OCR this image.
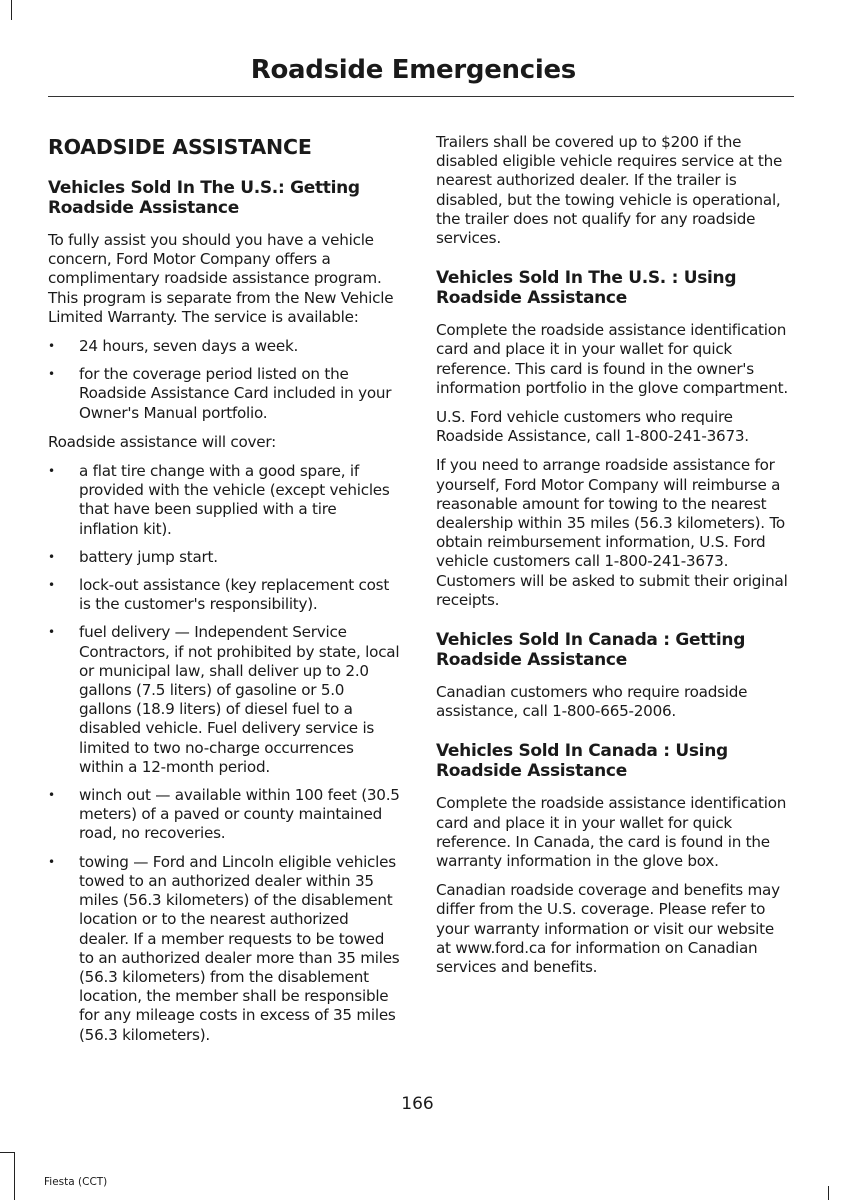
Roadside Emergencies
ROADSIDE ASSISTANCE
Vehicles Sold In The U.S.: Getting Roadside Assistance
To fully assist you should you have a vehicle concern, Ford Motor Company offers a complimentary roadside assistance program. This program is separate from the New Vehicle Limited Warranty. The service is available:
• 24 hours, seven days a week.
• for the coverage period listed on the Roadside Assistance Card included in your Owner's Manual portfolio.
Roadside assistance will cover:
• a flat tire change with a good spare, if provided with the vehicle (except vehicles that have been supplied with a tire inflation kit).
• battery jump start.
• lock-out assistance (key replacement cost is the customer's responsibility).
• fuel delivery — Independent Service Contractors, if not prohibited by state, local or municipal law, shall deliver up to 2.0 gallons (7.5 liters) of gasoline or 5.0 gallons (18.9 liters) of diesel fuel to a disabled vehicle. Fuel delivery service is limited to two no-charge occurrences within a 12-month period.
• winch out — available within 100 feet (30.5 meters) of a paved or county maintained road, no recoveries.
• towing — Ford and Lincoln eligible vehicles towed to an authorized dealer within 35 miles (56.3 kilometers) of the disablement location or to the nearest authorized dealer. If a member requests to be towed to an authorized dealer more than 35 miles (56.3 kilometers) from the disablement location, the member shall be responsible for any mileage costs in excess of 35 miles (56.3 kilometers).
Trailers shall be covered up to $200 if the disabled eligible vehicle requires service at the nearest authorized dealer. If the trailer is disabled, but the towing vehicle is operational, the trailer does not qualify for any roadside services.
Vehicles Sold In The U.S. : Using Roadside Assistance
Complete the roadside assistance identification card and place it in your wallet for quick reference. This card is found in the owner's information portfolio in the glove compartment.
U.S. Ford vehicle customers who require Roadside Assistance, call 1-800-241-3673.
If you need to arrange roadside assistance for yourself, Ford Motor Company will reimburse a reasonable amount for towing to the nearest dealership within 35 miles (56.3 kilometers). To obtain reimbursement information, U.S. Ford vehicle customers call 1-800-241-3673. Customers will be asked to submit their original receipts.
Vehicles Sold In Canada : Getting Roadside Assistance
Canadian customers who require roadside assistance, call 1-800-665-2006.
Vehicles Sold In Canada : Using Roadside Assistance
Complete the roadside assistance identification card and place it in your wallet for quick reference. In Canada, the card is found in the warranty information in the glove box.
Canadian roadside coverage and benefits may differ from the U.S. coverage. Please refer to your warranty information or visit our website at www.ford.ca for information on Canadian services and benefits.
166
Fiesta (CCT)
